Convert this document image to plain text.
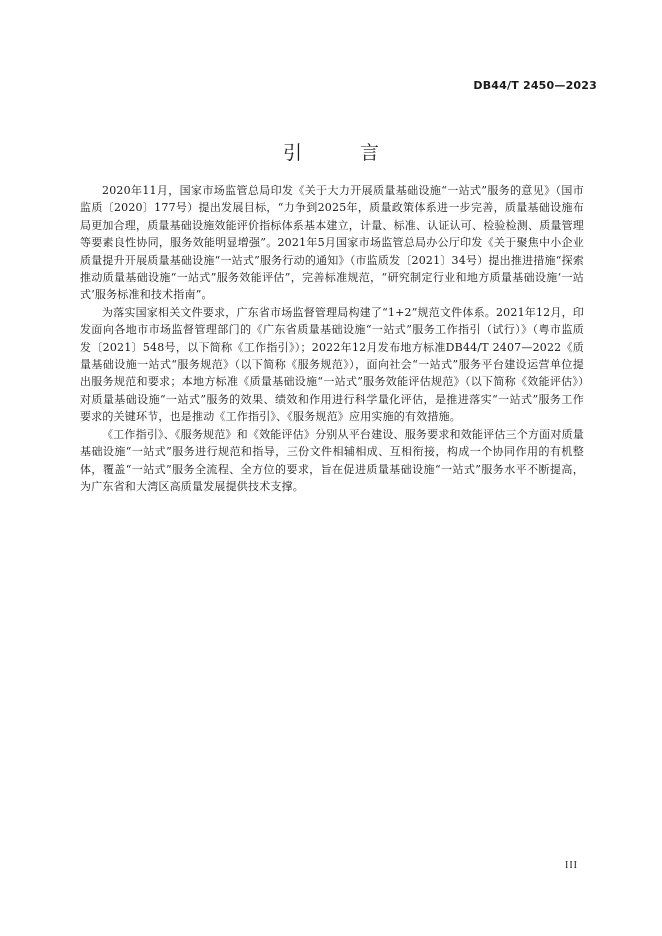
DB44/T 2450—2023
引 言

2020年11月，国家市场监管总局印发《关于大力开展质量基础设施“一站式”服务的意见》（国市监质〔2020〕177号）提出发展目标，“力争到2025年，质量政策体系进一步完善，质量基础设施布局更加合理，质量基础设施效能评价指标体系基本建立，计量、标准、认证认可、检验检测、质量管理等要素良性协同，服务效能明显增强”。2021年5月国家市场监管总局办公厅印发《关于聚焦中小企业质量提升开展质量基础设施“一站式”服务行动的通知》（市监质发〔2021〕34号）提出推进措施“探索推动质量基础设施“一站式”服务效能评估”，完善标准规范，“研究制定行业和地方质量基础设施‘一站式’服务标准和技术指南”。

为落实国家相关文件要求，广东省市场监督管理局构建了“1+2”规范文件体系。2021年12月，印发面向各地市市场监督管理部门的《广东省质量基础设施“一站式”服务工作指引（试行）》（粤市监质发〔2021〕548号，以下简称《工作指引》）；2022年12月发布地方标准DB44/T 2407—2022《质量基础设施一站式“服务规范》（以下简称《服务规范》），面向社会“一站式”服务平台建设运营单位提出服务规范和要求；本地方标准《质量基础设施“一站式”服务效能评估规范》（以下简称《效能评估》）对质量基础设施“一站式”服务的效果、绩效和作用进行科学量化评估，是推进落实“一站式”服务工作要求的关键环节，也是推动《工作指引》、《服务规范》应用实施的有效措施。

《工作指引》、《服务规范》和《效能评估》分别从平台建设、服务要求和效能评估三个方面对质量基础设施“一站式”服务进行规范和指导，三份文件相辅相成、互相衔接，构成一个协同作用的有机整体，覆盖“一站式”服务全流程、全方位的要求，旨在促进质量基础设施“一站式”服务水平不断提高，为广东省和大湾区高质量发展提供技术支撑。

III
